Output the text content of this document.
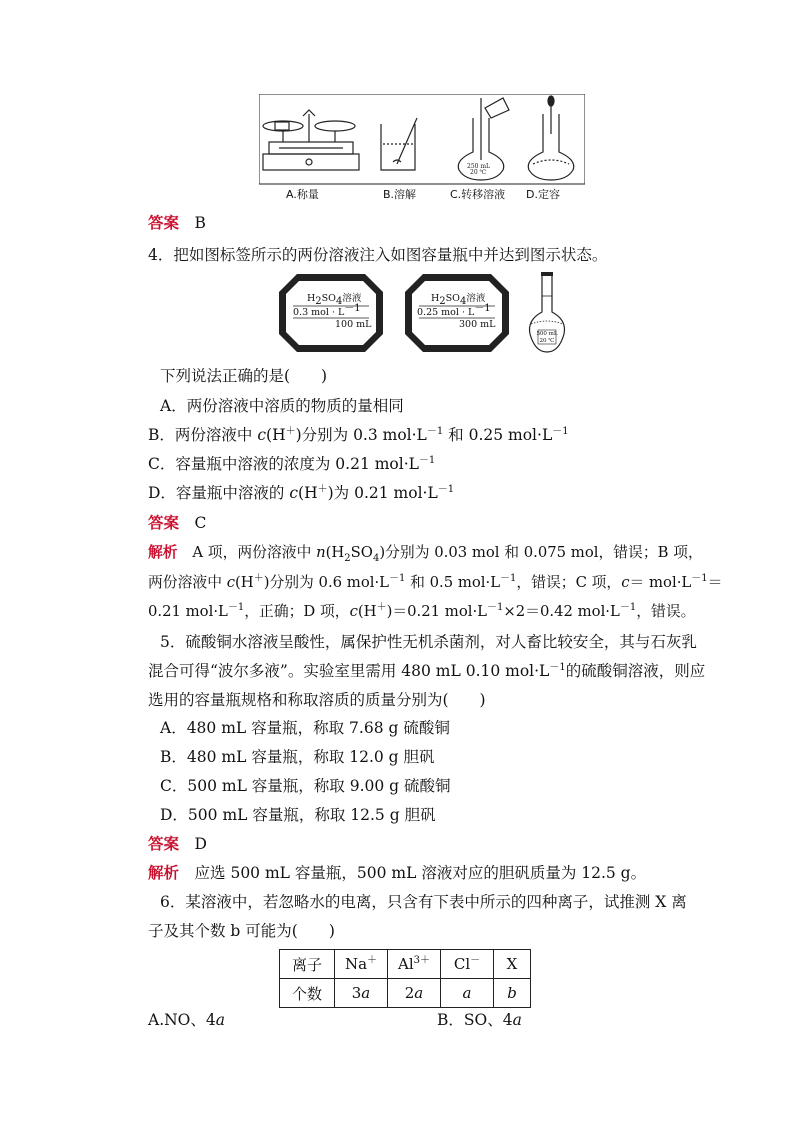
250 mL
20 ℃
A.称量	B.溶解	C.转移溶液 D.定容
答案　 B
4．把如图标签所示的两份溶液注入如图容量瓶中并达到图示状态。
$H_2SO_4$溶液
0.3 mol · $L^{-1}$
100 mL
$H_2SO_4$溶液
0.25 mol · $L^{-1}$
300 mL
500 mL
20 ℃
下列说法正确的是(　　)
A．两份溶液中溶质的物质的量相同
B．两份溶液中 c(H＋)分别为 0.3 $mol\cdot L^{-1}$ 和 0.25 $mol\cdot L^{-1}$
C．容量瓶中溶液的浓度为 0.21 $mol\cdot L^{-1}$
D．容量瓶中溶液的 c(H＋)为 0.21 $mol\cdot L^{-1}$
答案　 C
解析　A 项，两份溶液中 $n(H_2SO_4)$分别为 0.03 mol 和 0.075 mol，错误；B 项，
两份溶液中 c(H＋)分别为 0.6 $mol\cdot L^{-1}$ 和 0.5 $mol\cdot L^{-1}$，错误；C 项，$c= mol\cdot L^{-1}=$
0.21 $mol\cdot L^{-1}$，正确；D 项，c(H＋)＝0.21 $mol\cdot L^{-1}\times 2=0.42$ $mol\cdot L^{-1}$，错误。
5．硫酸铜水溶液呈酸性，属保护性无机杀菌剂，对人畜比较安全，其与石灰乳
混合可得“波尔多液”。实验室里需用 480 mL 0.10 $mol\cdot L^{-1}$的硫酸铜溶液，则应
选用的容量瓶规格和称取溶质的质量分别为(　　)
A．480 mL 容量瓶，称取 7.68 g 硫酸铜
B．480 mL 容量瓶，称取 12.0 g 胆矾
C．500 mL 容量瓶，称取 9.00 g 硫酸铜
D．500 mL 容量瓶，称取 12.5 g 胆矾
答案　 D
解析　 应选 500 mL 容量瓶，500 mL 溶液对应的胆矾质量为 12.5 g。
6．某溶液中，若忽略水的电离，只含有下表中所示的四种离子，试推测 X 离
子及其个数 b 可能为(　　)
离子	Na＋	$Al^{3+}$	Cl－	X
个数	3a	2a	a	b
A.NO、4a	B．SO、4a
